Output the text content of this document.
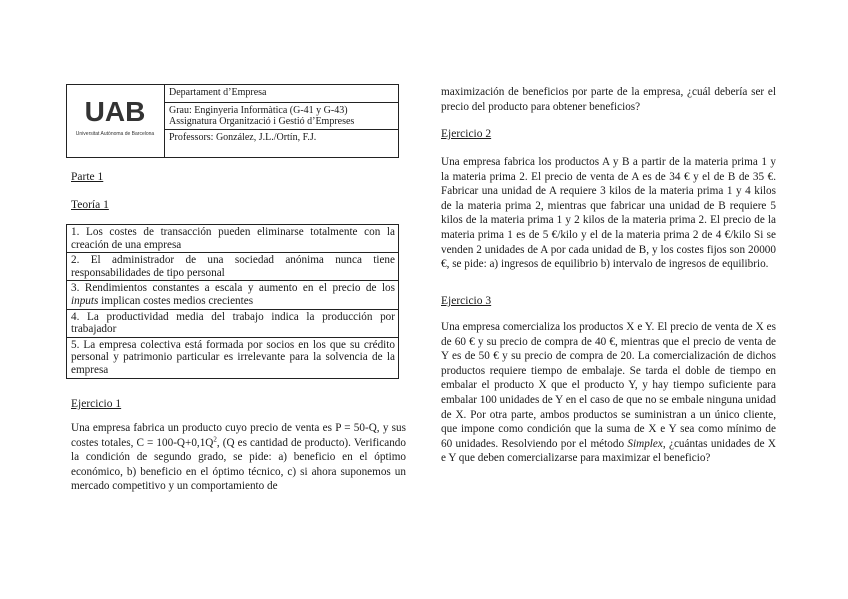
UAB
Universitat Autònoma de Barcelona
Departament d’Empresa
Grau: Enginyeria Informàtica (G-41 y G-43)
Assignatura Organització i Gestió d’Empreses
Professors: González, J.L./Ortín, F.J.

Parte 1

Teoría 1

1. Los costes de transacción pueden eliminarse totalmente con la creación de una empresa
2. El administrador de una sociedad anónima nunca tiene responsabilidades de tipo personal
3. Rendimientos constantes a escala y aumento en el precio de los inputs implican costes medios crecientes
4. La productividad media del trabajo indica la producción por trabajador
5. La empresa colectiva está formada por socios en los que su crédito personal y patrimonio particular es irrelevante para la solvencia de la empresa

Ejercicio 1

Una empresa fabrica un producto cuyo precio de venta es P = 50-Q, y sus costes totales, $C = 100-Q+0,1Q^2$, (Q es cantidad de producto). Verificando la condición de segundo grado, se pide: a) beneficio en el óptimo económico, b) beneficio en el óptimo técnico, c) si ahora suponemos un mercado competitivo y un comportamiento de

maximización de beneficios por parte de la empresa, ¿cuál debería ser el precio del producto para obtener beneficios?

Ejercicio 2

Una empresa fabrica los productos A y B a partir de la materia prima 1 y la materia prima 2. El precio de venta de A es de 34 € y el de B de 35 €. Fabricar una unidad de A requiere 3 kilos de la materia prima 1 y 4 kilos de la materia prima 2, mientras que fabricar una unidad de B requiere 5 kilos de la materia prima 1 y 2 kilos de la materia prima 2. El precio de la materia prima 1 es de 5 €/kilo y el de la materia prima 2 de 4 €/kilo Si se venden 2 unidades de A por cada unidad de B, y los costes fijos son 20000 €, se pide: a) ingresos de equilibrio b) intervalo de ingresos de equilibrio.

Ejercicio 3

Una empresa comercializa los productos X e Y. El precio de venta de X es de 60 € y su precio de compra de 40 €, mientras que el precio de venta de Y es de 50 € y su precio de compra de 20. La comercialización de dichos productos requiere tiempo de embalaje. Se tarda el doble de tiempo en embalar el producto X que el producto Y, y hay tiempo suficiente para embalar 100 unidades de Y en el caso de que no se embale ninguna unidad de X. Por otra parte, ambos productos se suministran a un único cliente, que impone como condición que la suma de X e Y sea como mínimo de 60 unidades. Resolviendo por el método Simplex, ¿cuántas unidades de X e Y que deben comercializarse para maximizar el beneficio?
